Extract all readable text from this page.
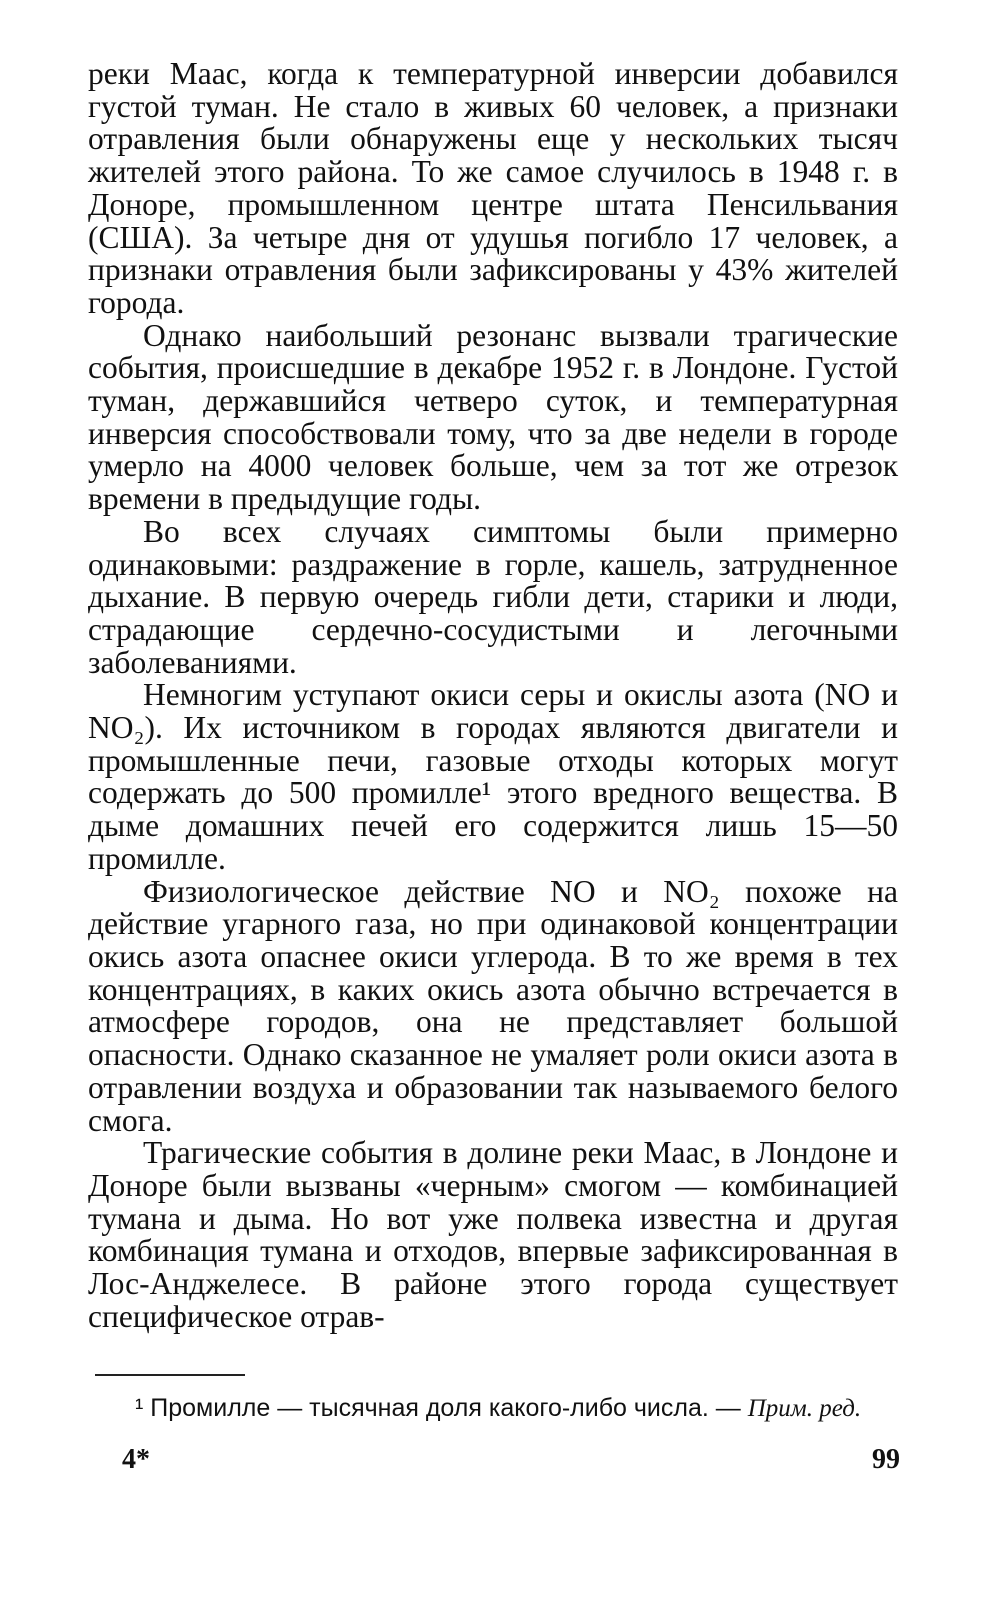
реки Маас, когда к температурной инверсии добавился густой туман. Не стало в живых 60 человек, а признаки отравления были обнаружены еще у нескольких тысяч жителей этого района. То же самое случилось в 1948 г. в Доноре, промышленном центре штата Пенсильвания (США). За четыре дня от удушья погибло 17 человек, а признаки отравления были зафиксированы у 43% жителей города.

Однако наибольший резонанс вызвали трагические события, происшедшие в декабре 1952 г. в Лондоне. Густой туман, державшийся четверо суток, и температурная инверсия способствовали тому, что за две недели в городе умерло на 4000 человек больше, чем за тот же отрезок времени в предыдущие годы.

Во всех случаях симптомы были примерно одинаковыми: раздражение в горле, кашель, затрудненное дыхание. В первую очередь гибли дети, старики и люди, страдающие сердечно-сосудистыми и легочными заболеваниями.

Немногим уступают окиси серы и окислы азота (NO и NO₂). Их источником в городах являются двигатели и промышленные печи, газовые отходы которых могут содержать до 500 промилле¹ этого вредного вещества. В дыме домашних печей его содержится лишь 15—50 промилле.

Физиологическое действие NO и NO₂ похоже на действие угарного газа, но при одинаковой концентрации окись азота опаснее окиси углерода. В то же время в тех концентрациях, в каких окись азота обычно встречается в атмосфере городов, она не представляет большой опасности. Однако сказанное не умаляет роли окиси азота в отравлении воздуха и образовании так называемого белого смога.

Трагические события в долине реки Маас, в Лондоне и Доноре были вызваны «черным» смогом — комбинацией тумана и дыма. Но вот уже полвека известна и другая комбинация тумана и отходов, впервые зафиксированная в Лос-Анджелесе. В районе этого города существует специфическое отрав-

¹ Промилле — тысячная доля какого-либо числа. — Прим. ред.

4*	99
